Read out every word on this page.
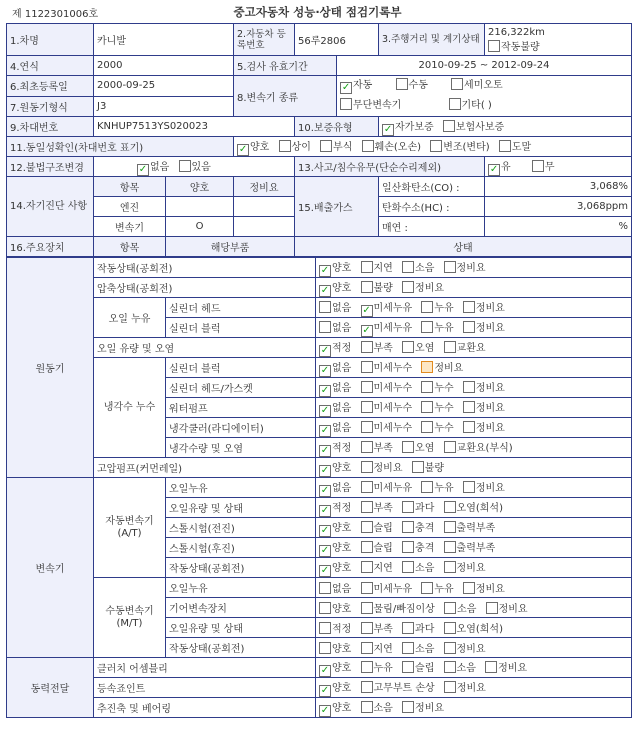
제 1122301006호	중고자동차 성능·상태 점검기록부
1.차명	카니발		2.자동차 등록번호	56루2806		3.주행거리 및 계기상태	216,322km
작동불량

4.연식	2000		5.검사 유효기간		2010-09-25 ~ 2012-09-24		
6.최초등록일	2000-09-25		8.변속기 종류	
✓자동 수동 세미오토
무단변속기 기타( )

7.원동기형식	J3						
9.차대번호	KNHUP7513YS020023			10.보증유형	✓자가보증 보험사보증
11.동일성확인(차대번호 표기)	✓양호 상이 부식 훼손(오손) 변조(변타) 도말
12.불법구조변경	✓없음 있음			13.사고/침수유무(단순수리제외)	✓유 무
14.자기진단 사항	항목	양호	정비요	15.배출가스		일산화탄소(CO) :	3,068%
	엔진					탄화수소(HC) :	3,068ppm
	변속기	O				매연 :	%
16.주요장치	항목	해당부품		상태			
원동기	작동상태(공회전)	✓양호 지연 소음 정비요
	압축상태(공회전)	✓양호 불량 정비요
	오일 누유	실린더 헤드	없음 ✓ 미세누유 누유 정비요
		실린더 블럭	없음 ✓ 미세누유 누유 정비요
	오일 유량 및 오염	✓적정 부족 오염 교환요
	냉각수 누수	실린더 블럭	✓없음 미세누수 정비요
		실린더 헤드/가스켓	✓없음 미세누수 누수 정비요
		워터펌프	✓없음 미세누수 누수 정비요
		냉각쿨러(라디에이터)	✓없음 미세누수 누수 정비요
		냉각수량 및 오염	✓적정 부족 오염 교환요(부식)
	고압펌프(커먼레일)	✓양호 정비요 불량
변속기	자동변속기 (A/T)	오일누유	✓없음 미세누유 누유 정비요
		오일유량 및 상태	✓적정 부족 과다 오염(희석)
		스톨시험(전진)	✓양호 슬립 충격 출력부족
		스톨시험(후진)	✓양호 슬립 충격 출력부족
		작동상태(공회전)	✓양호 지연 소음 정비요
	수동변속기 (M/T)	오일누유	없음 미세누유 누유 정비요
		기어변속장치	양호 물림/빠짐이상 소음 정비요
		오일유량 및 상태	적정 부족 과다 오염(희석)
		작동상태(공회전)	양호 지연 소음 정비요
동력전달	클러치 어셈블리	✓양호 누유 슬립 소음 정비요
	등속죠인트	✓양호 고무부트 손상 정비요
	추진축 및 베어링	✓양호 소음 정비요
